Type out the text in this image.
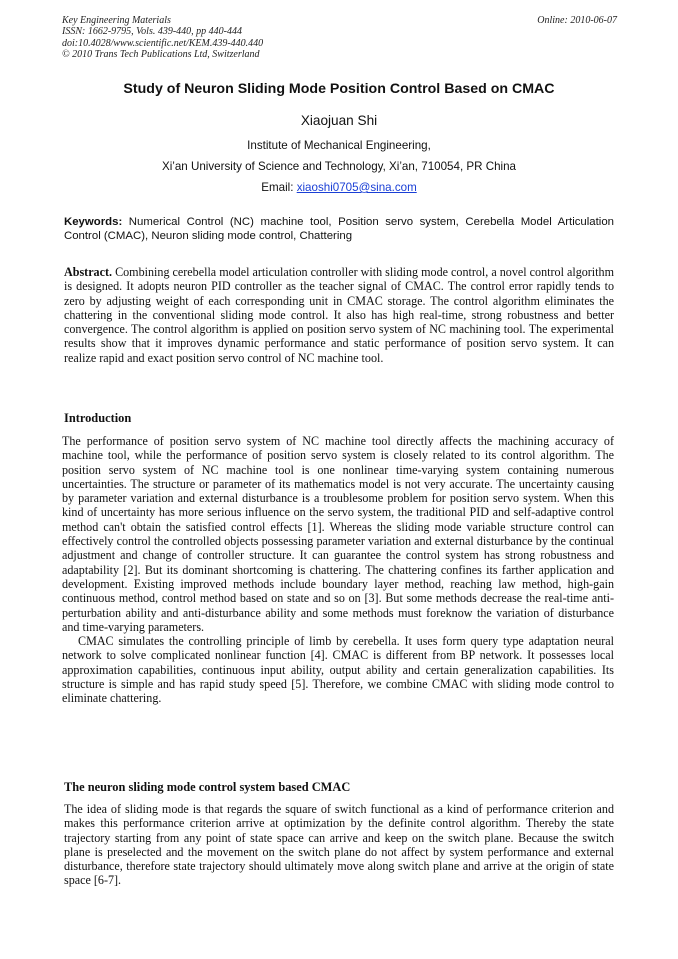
Key Engineering Materials
ISSN: 1662-9795, Vols. 439-440, pp 440-444
doi:10.4028/www.scientific.net/KEM.439-440.440
© 2010 Trans Tech Publications Ltd, Switzerland
Online: 2010-06-07
Study of Neuron Sliding Mode Position Control Based on CMAC
Xiaojuan Shi
Institute of Mechanical Engineering,
Xi’an University of Science and Technology, Xi’an, 710054, PR China
Email: xiaoshi0705@sina.com
Keywords: Numerical Control (NC) machine tool, Position servo system, Cerebella Model Articulation Control (CMAC), Neuron sliding mode control, Chattering
Abstract. Combining cerebella model articulation controller with sliding mode control, a novel control algorithm is designed. It adopts neuron PID controller as the teacher signal of CMAC. The control error rapidly tends to zero by adjusting weight of each corresponding unit in CMAC storage. The control algorithm eliminates the chattering in the conventional sliding mode control. It also has high real-time, strong robustness and better convergence. The control algorithm is applied on position servo system of NC machining tool. The experimental results show that it improves dynamic performance and static performance of position servo system. It can realize rapid and exact position servo control of NC machine tool.
Introduction

The performance of position servo system of NC machine tool directly affects the machining accuracy of machine tool, while the performance of position servo system is closely related to its control algorithm. The position servo system of NC machine tool is one nonlinear time-varying system containing numerous uncertainties. The structure or parameter of its mathematics model is not very accurate. The uncertainty causing by parameter variation and external disturbance is a troublesome problem for position servo system. When this kind of uncertainty has more serious influence on the servo system, the traditional PID and self-adaptive control method can't obtain the satisfied control effects [1]. Whereas the sliding mode variable structure control can effectively control the controlled objects possessing parameter variation and external disturbance by the continual adjustment and change of controller structure. It can guarantee the control system has strong robustness and adaptability [2]. But its dominant shortcoming is chattering. The chattering confines its farther application and development. Existing improved methods include boundary layer method, reaching law method, high-gain continuous method, control method based on state and so on [3]. But some methods decrease the real-time anti-perturbation ability and anti-disturbance ability and some methods must foreknow the variation of disturbance and time-varying parameters.

CMAC simulates the controlling principle of limb by cerebella. It uses form query type adaptation neural network to solve complicated nonlinear function [4]. CMAC is different from BP network. It possesses local approximation capabilities, continuous input ability, output ability and certain generalization capabilities. Its structure is simple and has rapid study speed [5]. Therefore, we combine CMAC with sliding mode control to eliminate chattering.

The neuron sliding mode control system based CMAC

The idea of sliding mode is that regards the square of switch functional as a kind of performance criterion and makes this performance criterion arrive at optimization by the definite control algorithm. Thereby the state trajectory starting from any point of state space can arrive and keep on the switch plane. Because the switch plane is preselected and the movement on the switch plane do not affect by system performance and external disturbance, therefore state trajectory should ultimately move along switch plane and arrive at the origin of state space [6-7].
